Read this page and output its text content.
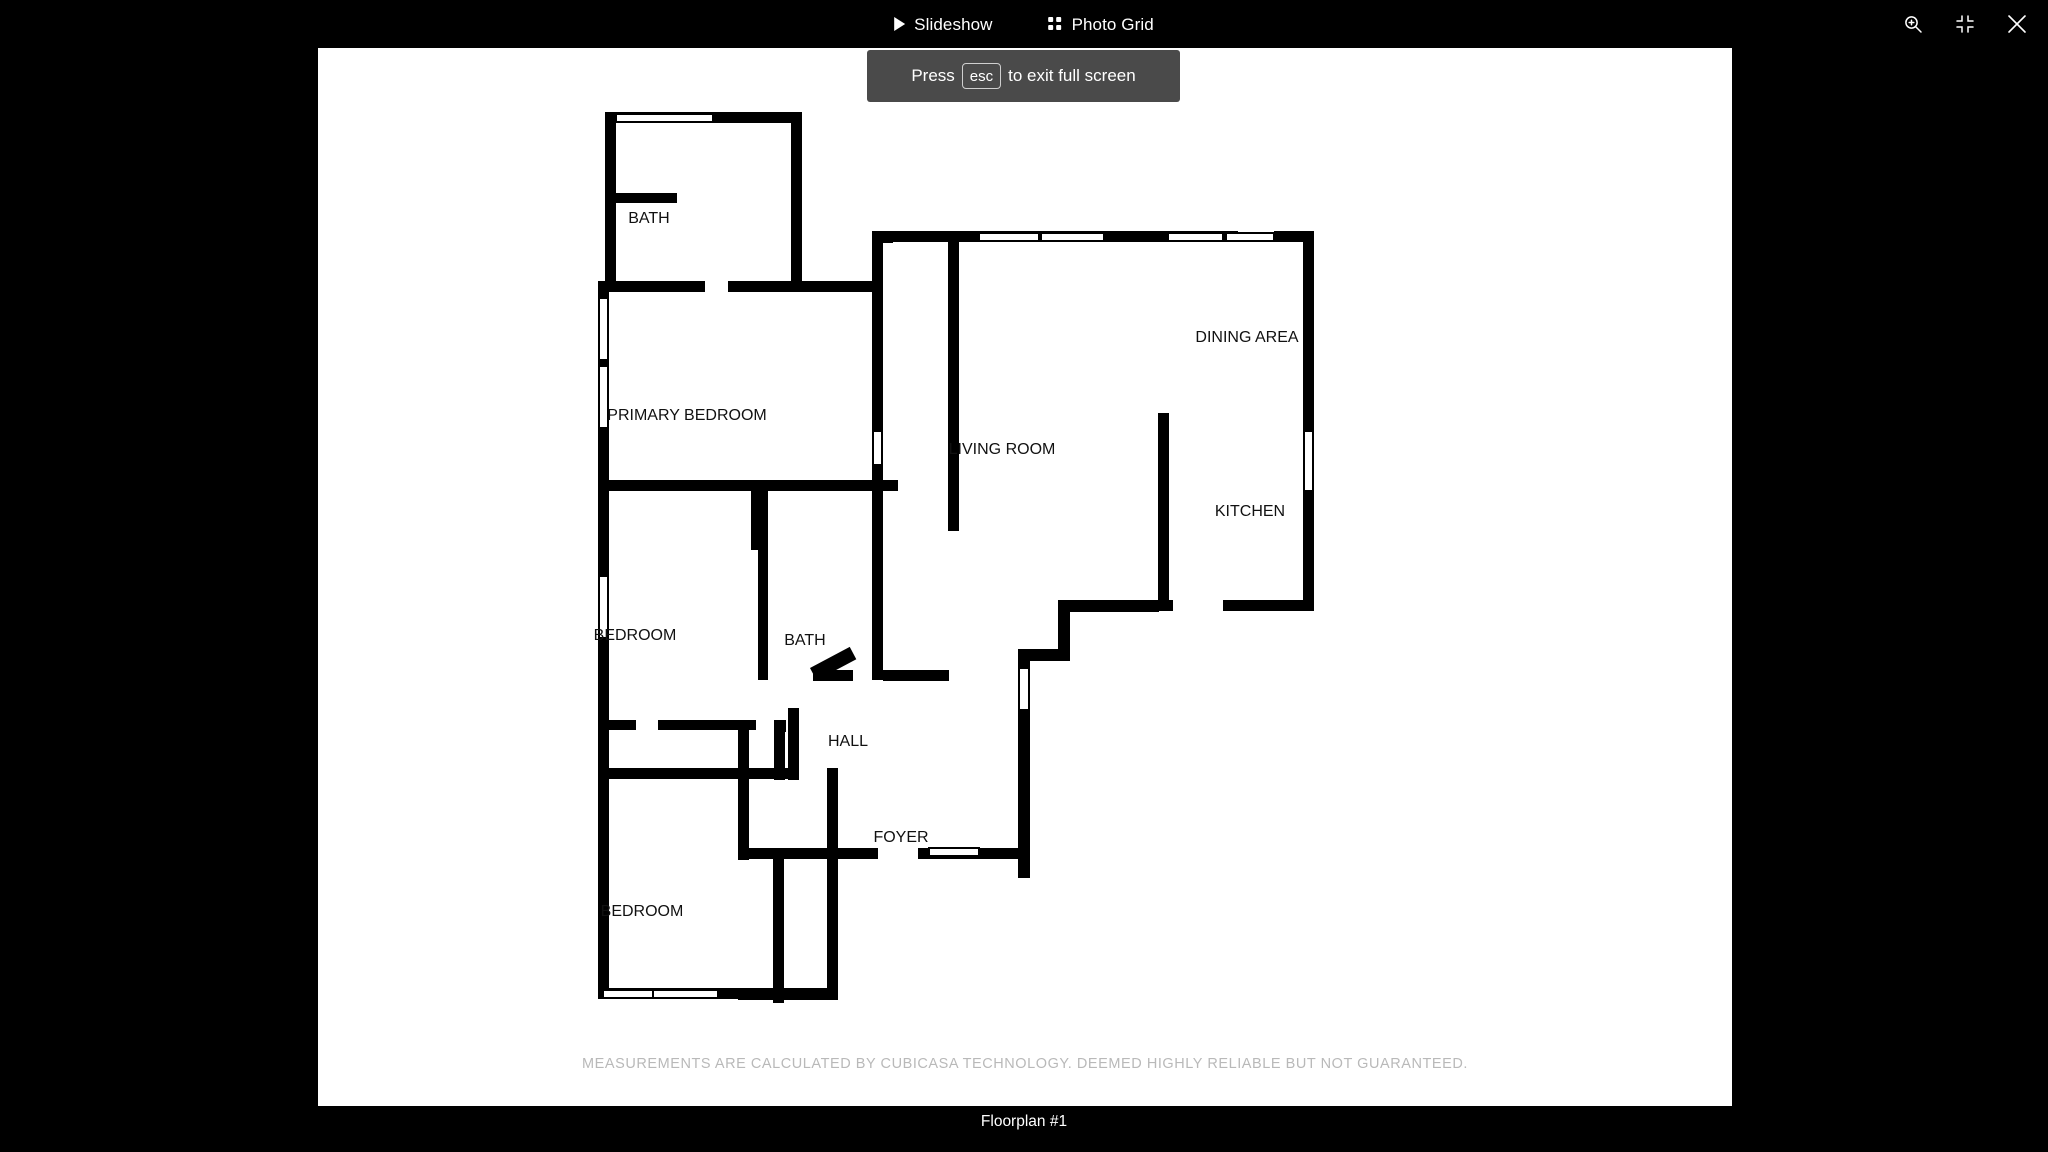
Slideshow	Photo Grid
Press	esc to exit full screen
BATH
PRIMARY BEDROOM
DINING AREA
LIVING ROOM
KITCHEN
BEDROOM	BATH
HALL
FOYER
BEDROOM
MEASUREMENTS ARE CALCULATED BY CUBICASA TECHNOLOGY. DEEMED HIGHLY RELIABLE BUT NOT GUARANTEED.
Floorplan #1
